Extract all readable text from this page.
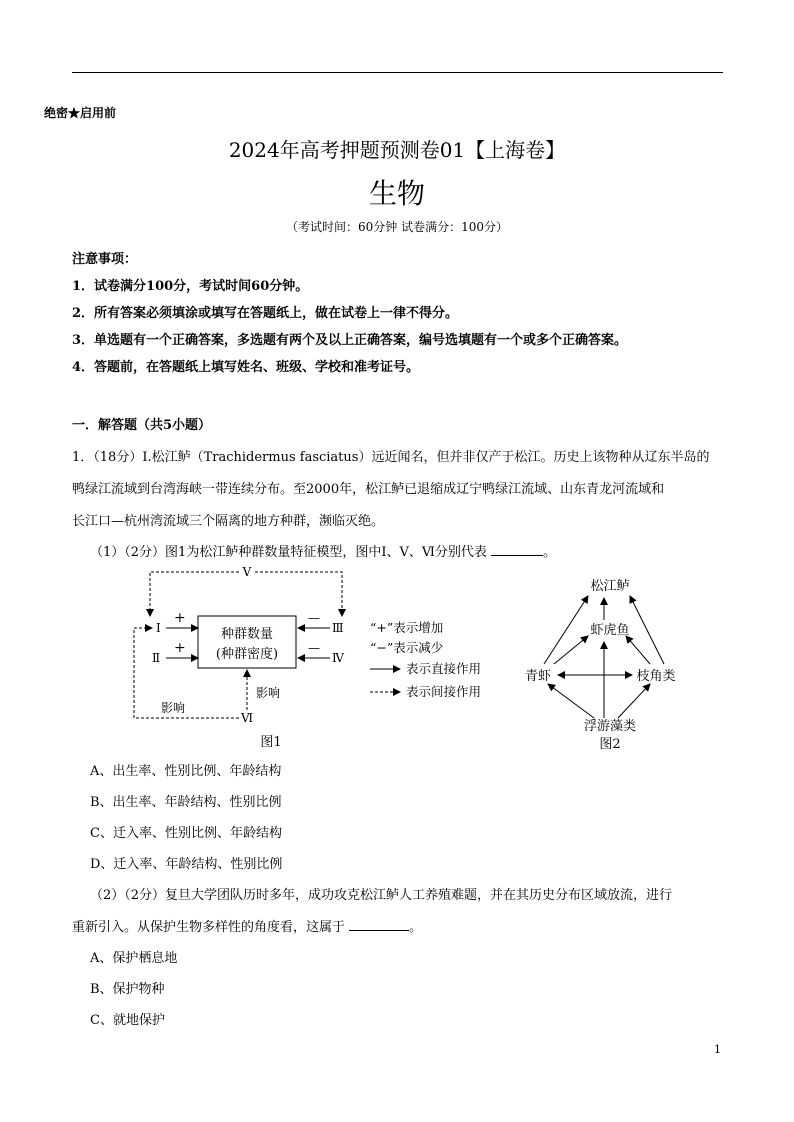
绝密★启用前
2024年高考押题预测卷01【上海卷】
生物
（考试时间：60分钟 试卷满分：100分）
注意事项：
1．试卷满分100分，考试时间60分钟。
2．所有答案必须填涂或填写在答题纸上，做在试卷上一律不得分。
3．单选题有一个正确答案，多选题有两个及以上正确答案，编号选填题有一个或多个正确答案。
4．答题前，在答题纸上填写姓名、班级、学校和准考证号。
一．解答题（共5小题）
1．（18分）Ⅰ.松江鲈（Trachidermus fasciatus）远近闻名，但并非仅产于松江。历史上该物种从辽东半岛的
鸭绿江流域到台湾海峡一带连续分布。至2000年，松江鲈已退缩成辽宁鸭绿江流域、山东青龙河流域和
长江口—杭州湾流域三个隔离的地方种群，濒临灭绝。
（1）（2分）图1为松江鲈种群数量特征模型，图中Ⅰ、Ⅴ、Ⅵ分别代表	。
种群数量
(种群密度)
Ⅴ
Ⅰ
+
Ⅱ
+
Ⅲ
—
Ⅳ
—
Ⅵ
影响
影响
图1
“+”表示增加
“−”表示减少
表示直接作用
表示间接作用
松江鲈
虾虎鱼
青虾	枝角类
浮游藻类
图2
A、出生率、性别比例、年龄结构
B、出生率、年龄结构、性别比例
C、迁入率、性别比例、年龄结构
D、迁入率、年龄结构、性别比例
（2）（2分）复旦大学团队历时多年，成功攻克松江鲈人工养殖难题，并在其历史分布区域放流，进行
重新引入。从保护生物多样性的角度看，这属于	。
A、保护栖息地
B、保护物种
C、就地保护
1
